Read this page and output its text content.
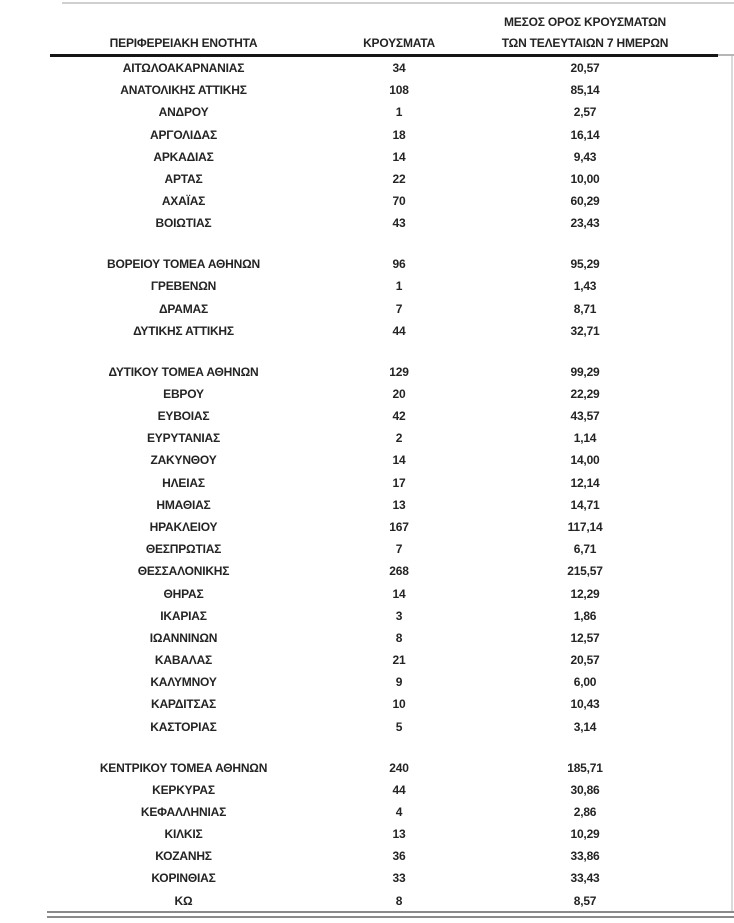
ΠΕΡΙΦΕΡΕΙΑΚΗ ΕΝΟΤΗΤΑ	ΚΡΟΥΣΜΑΤΑ
ΜΕΣΟΣ ΟΡΟΣ ΚΡΟΥΣΜΑΤΩΝ
ΤΩΝ ΤΕΛΕΥΤΑΙΩΝ 7 ΗΜΕΡΩΝ
ΑΙΤΩΛΟΑΚΑΡΝΑΝΙΑΣ	34	20,57
ΑΝΑΤΟΛΙΚΗΣ ΑΤΤΙΚΗΣ	108	85,14
ΑΝΔΡΟΥ	1	2,57
ΑΡΓΟΛΙΔΑΣ	18	16,14
ΑΡΚΑΔΙΑΣ	14	9,43
ΑΡΤΑΣ	22	10,00
ΑΧΑΪΑΣ	70	60,29
ΒΟΙΩΤΙΑΣ	43	23,43
ΒΟΡΕΙΟΥ ΤΟΜΕΑ ΑΘΗΝΩΝ	96	95,29
ΓΡΕΒΕΝΩΝ	1	1,43
ΔΡΑΜΑΣ	7	8,71
ΔΥΤΙΚΗΣ ΑΤΤΙΚΗΣ	44	32,71
ΔΥΤΙΚΟΥ ΤΟΜΕΑ ΑΘΗΝΩΝ	129	99,29
ΕΒΡΟΥ	20	22,29
ΕΥΒΟΙΑΣ	42	43,57
ΕΥΡΥΤΑΝΙΑΣ	2	1,14
ΖΑΚΥΝΘΟΥ	14	14,00
ΗΛΕΙΑΣ	17	12,14
ΗΜΑΘΙΑΣ	13	14,71
ΗΡΑΚΛΕΙΟΥ	167	117,14
ΘΕΣΠΡΩΤΙΑΣ	7	6,71
ΘΕΣΣΑΛΟΝΙΚΗΣ	268	215,57
ΘΗΡΑΣ	14	12,29
ΙΚΑΡΙΑΣ	3	1,86
ΙΩΑΝΝΙΝΩΝ	8	12,57
ΚΑΒΑΛΑΣ	21	20,57
ΚΑΛΥΜΝΟΥ	9	6,00
ΚΑΡΔΙΤΣΑΣ	10	10,43
ΚΑΣΤΟΡΙΑΣ	5	3,14
ΚΕΝΤΡΙΚΟΥ ΤΟΜΕΑ ΑΘΗΝΩΝ	240	185,71
ΚΕΡΚΥΡΑΣ	44	30,86
ΚΕΦΑΛΛΗΝΙΑΣ	4	2,86
ΚΙΛΚΙΣ	13	10,29
ΚΟΖΑΝΗΣ	36	33,86
ΚΟΡΙΝΘΙΑΣ	33	33,43
ΚΩ	8	8,57
